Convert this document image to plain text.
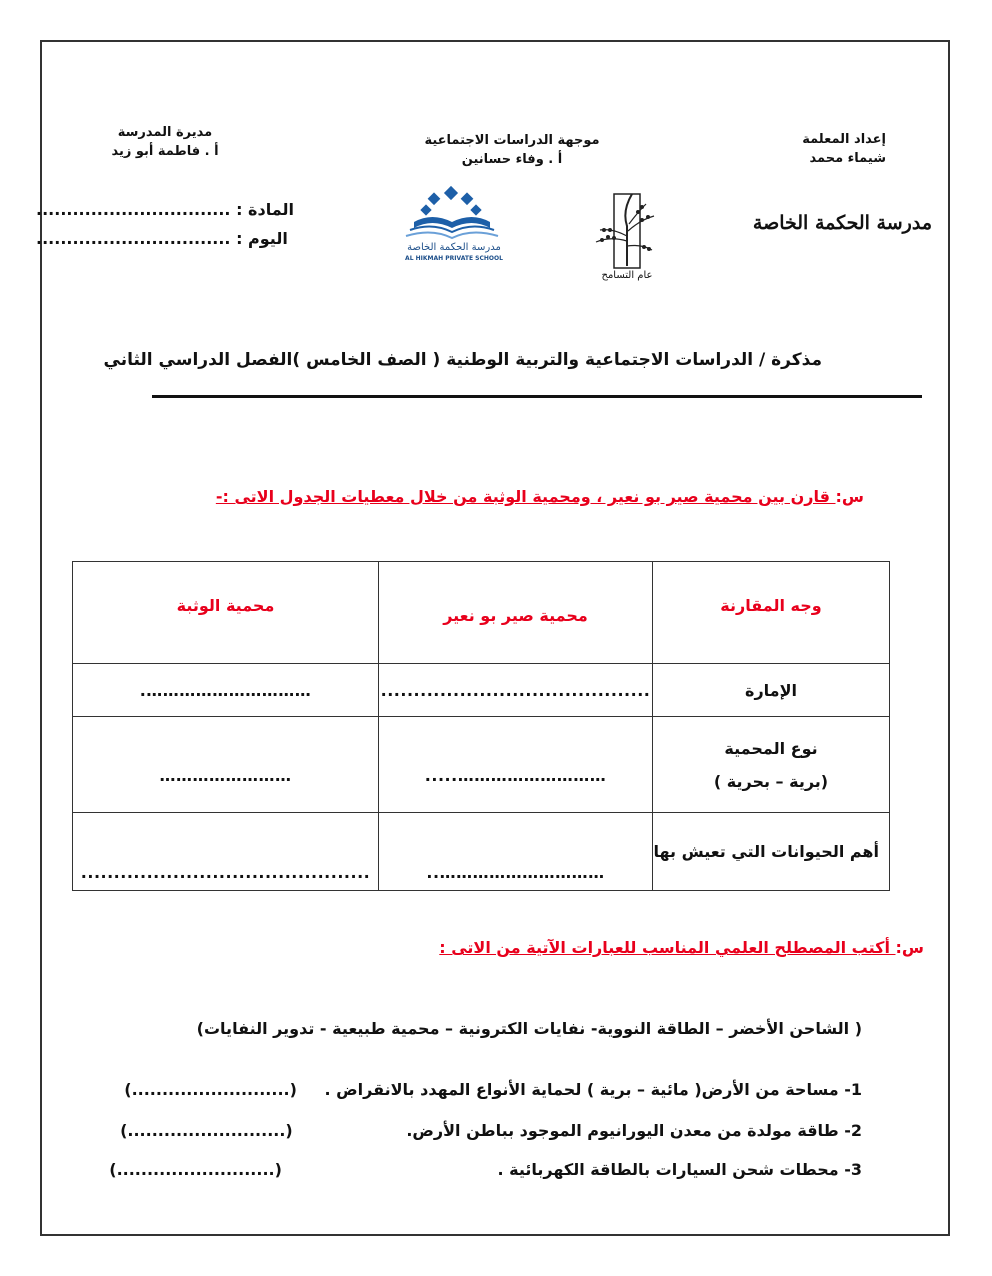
إعداد المعلمة
شيماء محمد
مدرسة الحكمة الخاصة
موجهة الدراسات الاجتماعية
أ . وفاء حسانين
مديرة المدرسة
أ . فاطمة أبو زيد
المادة : ................................
اليوم : ................................	مدرسة الحكمة الخاصة
AL HIKMAH PRIVATE SCHOOL
عام التسامح
مذكرة / الدراسات الاجتماعية والتربية الوطنية ( الصف الخامس )الفصل الدراسي الثاني
س: قارن بين محمية صير بو نعير ، ومحمية الوثبة من خلال معطيات الجدول الاتى :-
وجه المقارنة	محمية صير بو نعير	محمية الوثبة
الإمارة	.........................................	………………………….

نوع المحمية
(برية – بحرية )	……………………….....	……………………
أهم الحيوانات التي تعيش بها	…………………………..	............................................
س: أكتب المصطلح العلمي المناسب للعبارات الآتية من الاتى :
( الشاحن الأخضر – الطاقة النووية- نفايات الكترونية – محمية طبيعية - تدوير النفايات)
1- مساحة من الأرض( مائية – برية ) لحماية الأنواع المهدد بالانقراض . (..........................)
2- طاقة مولدة من معدن اليورانيوم الموجود بباطن الأرض. (..........................)
3- محطات شحن السيارات بالطاقة الكهربائية . (..........................)
